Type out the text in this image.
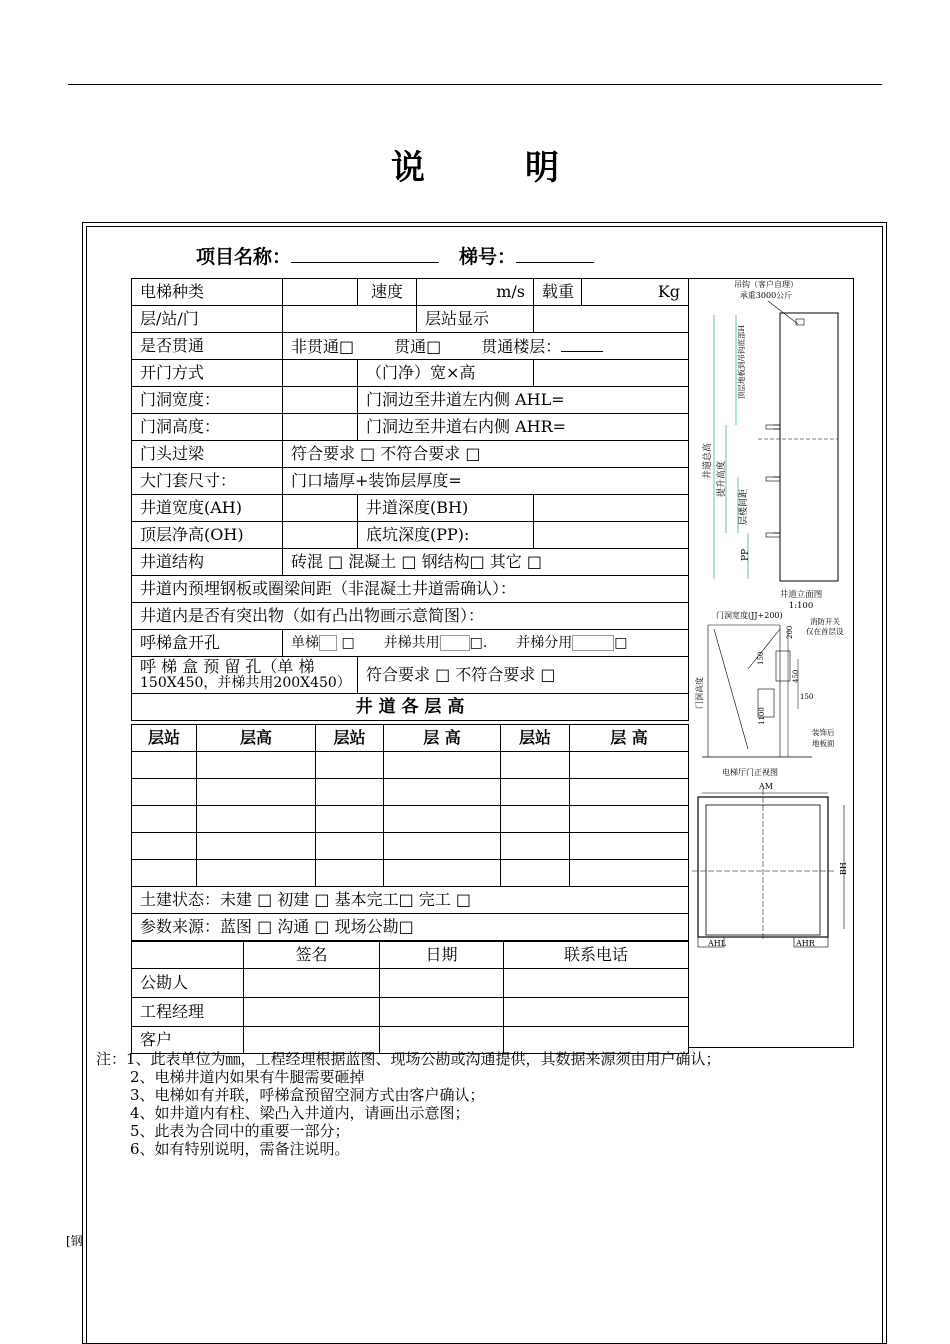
说	明
项目名称：	梯号：
电梯种类		速度	m/s	载重	Kg
层/站/门			层站显示		
是否贯通	非贯通□ 贯通□ 贯通楼层：				
开门方式		（门净）宽×高			
门洞宽度：		门洞边至井道左内侧 AHL=			
门洞高度：		门洞边至井道右内侧 AHR=			
门头过梁	符合要求 □ 不符合要求 □				
大门套尺寸：	门口墙厚+装饰层厚度=				
井道宽度(AH)		井道深度(BH)			
顶层净高(OH)		底坑深度(PP):			
井道结构	砖混 □ 混凝土 □ 钢结构□ 其它 □				
井道内预埋钢板或圈梁间距（非混凝土井道需确认）：					
井道内是否有突出物（如有凸出物画示意简图）：					
呼梯盒开孔	单梯 □ 并梯共用 □. 并梯分用 □				

呼 梯 盒 预 留 孔（单 梯
150X450，并梯共用200X450）		符合要求 □ 不符合要求 □			
井 道 各 层 高					
层站	层高	层站	层 高	层站	层 高

土建状态：未建 □ 初建 □ 基本完工□ 完工 □					
参数来源：蓝图 □ 沟通 □ 现场公勘□					
	签名	日期	联系电话
公勘人			
工程经理			
客户			
吊钩（客户自理）
承重3000公斤
顶层地板到吊钩底部H
井道总高 提升高度
层楼间距
PP
井道立面图
1:100
门洞宽度(JJ+200)
门洞高度
200
150
450
150
1100
消防开关
仅在首层设
装饰后
地板面
电梯厅门正视图
AM
BH
AHL	AHR
注：1、此表单位为㎜，工程经理根据蓝图、现场公勘或沟通提供，其数据来源须由用户确认；
2、电梯井道内如果有牛腿需要砸掉
3、电梯如有并联，呼梯盒预留空洞方式由客户确认；
4、如井道内有柱、梁凸入井道内，请画出示意图；
5、此表为合同中的重要一部分；
6、如有特别说明，需备注说明。
[钢
